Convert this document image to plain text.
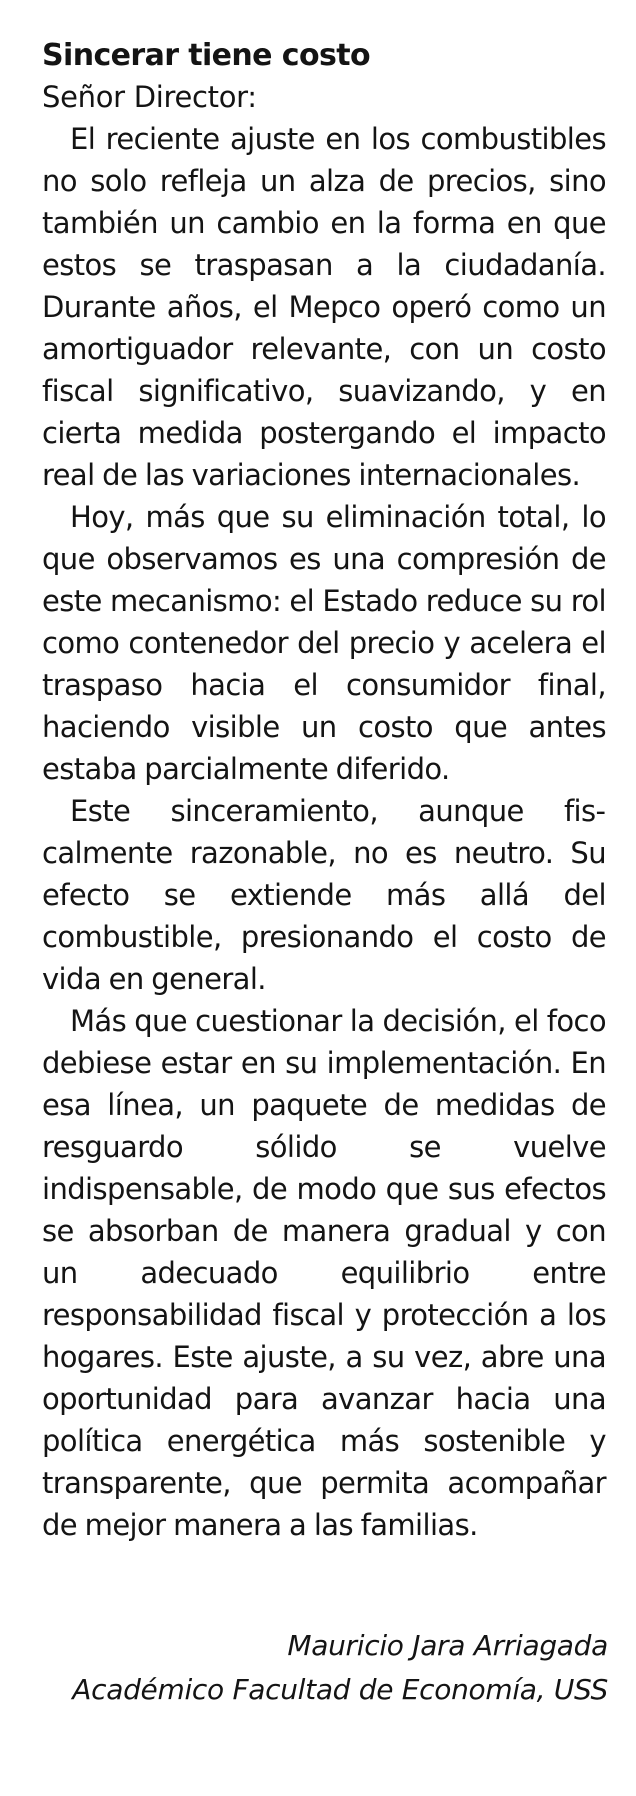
Sincerar tiene costo

Señor Director:

El reciente ajuste en los combustibles no solo refleja un alza de precios, sino también un cambio en la forma en que estos se traspasan a la ciudadanía. Durante años, el Mepco operó como un amortiguador relevante, con un costo fiscal significativo, suavizando, y en cierta medida postergando el impacto real de las variaciones internacionales.

Hoy, más que su eliminación total, lo que observamos es una compresión de este mecanismo: el Estado reduce su rol como contenedor del precio y acelera el traspaso hacia el consumidor final, haciendo visible un costo que antes estaba parcialmente diferido.

Este sinceramiento, aunque fiscalmente razonable, no es neutro. Su efecto se extiende más allá del combustible, presionando el costo de vida en general.

Más que cuestionar la decisión, el foco debiese estar en su implementación. En esa línea, un paquete de medidas de resguardo sólido se vuelve indispensable, de modo que sus efectos se absorban de manera gradual y con un adecuado equilibrio entre responsabilidad fiscal y protección a los hogares. Este ajuste, a su vez, abre una oportunidad para avanzar hacia una política energética más sostenible y transparente, que permita acompañar de mejor manera a las familias.

Mauricio Jara Arriagada
Académico Facultad de Economía, USS
